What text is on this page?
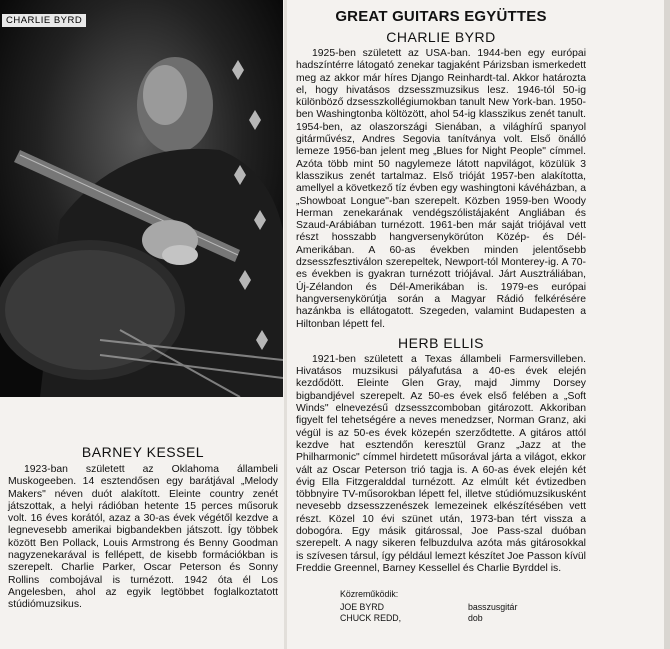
CHARLIE BYRD	GREAT GUITARS EGYÜTTES
CHARLIE BYRD

1925-ben született az USA-ban. 1944-ben egy európai hadszíntérre látogató zenekar tagjaként Párizsban ismerkedett meg az akkor már híres Django Reinhardt-tal. Akkor határozta el, hogy hivatásos dzsesszmuzsikus lesz. 1946-tól 50-ig különböző dzsesszkollégiumokban tanult New York-ban. 1950-ben Washingtonba költözött, ahol 54-ig klasszikus zenét tanult. 1954-ben, az olaszországi Sienában, a világhírű spanyol gitárművész, Andres Segovia tanítványa volt. Első önálló lemeze 1956-ban jelent meg „Blues for Night People" címmel. Azóta több mint 50 nagylemeze látott napvilágot, közülük 3 klasszikus zenét tartalmaz. Első trióját 1957-ben alakította, amellyel a következő tíz évben egy washingtoni kávéházban, a „Showboat Longue"-ban szerepelt. Közben 1959-ben Woody Herman zenekarának vendégszólistájaként Angliában és Szaud-Arábiában turnézott. 1961-ben már saját triójával vett részt hosszabb hangversenykörúton Közép- és Dél-Amerikában. A 60-as években minden jelentősebb dzsesszfesztiválon szerepeltek, Newport-tól Monterey-ig. A 70-es években is gyakran turnézott triójával. Járt Ausztráliában, Új-Zélandon és Dél-Amerikában is. 1979-es európai hangversenykörútja során a Magyar Rádió felkérésére hazánkba is ellátogatott. Szegeden, valamint Budapesten a Hiltonban lépett fel.

HERB ELLIS

1921-ben született a Texas állambeli Farmersvilleben. Hivatásos muzsikusi pályafutása a 40-es évek elején kezdődött. Eleinte Glen Gray, majd Jimmy Dorsey bigbandjével szerepelt. Az 50-es évek első felében a „Soft Winds" elnevezésű dzsesszcomboban gitározott. Akkoriban figyelt fel tehetségére a neves menedzser, Norman Granz, aki végül is az 50-es évek közepén szerződtette. A gitáros attól kezdve hat esztendőn keresztül Granz „Jazz at the Philharmonic" címmel hirdetett műsorával járta a világot, ekkor vált az Oscar Peterson trió tagja is. A 60-as évek elején két évig Ella Fitzgeralddal turnézott. Az elmúlt két évtizedben többnyire TV-műsorokban lépett fel, illetve stúdiómuzsikusként nevesebb dzsesszzenészek lemezeinek elkészítésében vett részt. Közel 10 évi szünet után, 1973-ban tért vissza a dobogóra. Egy másik gitárossal, Joe Pass-szal duóban szerepelt. A nagy sikeren felbuzdulva azóta más gitárosokkal is szívesen társul, így például lemezt készítet Joe Passon kívül Freddie Greennel, Barney Kessellel és Charlie Byrddel is.

BARNEY KESSEL

1923-ban született az Oklahoma állambeli Muskogeeben. 14 esztendősen egy barátjával „Melody Makers" néven duót alakított. Eleinte country zenét játszottak, a helyi rádióban hetente 15 perces műsoruk volt. 16 éves korától, azaz a 30-as évek végétől kezdve a legnevesebb amerikai bigbandekben játszott. Így többek között Ben Pollack, Louis Armstrong és Benny Goodman nagyzenekarával is fellépett, de kisebb formációkban is szerepelt. Charlie Parker, Oscar Peterson és Sonny Rollins combojával is turnézott. 1942 óta él Los Angelesben, ahol az egyik legtöbbet foglalkoztatott stúdiómuzsikus.

Közreműködik:
JOE BYRD	basszusgitár
CHUCK REDD,	dob
